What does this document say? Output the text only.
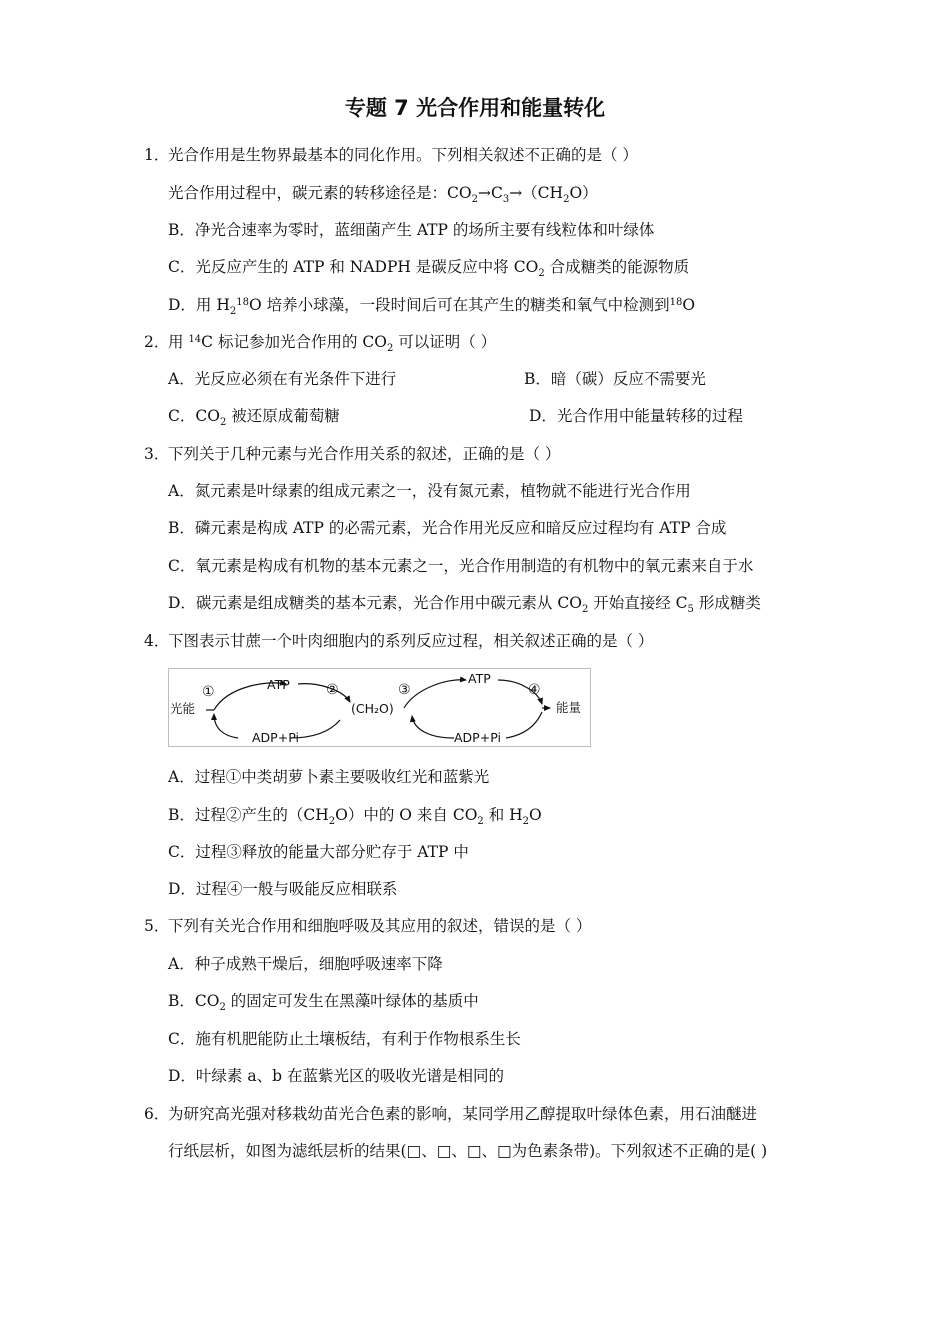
专题 7 光合作用和能量转化
1．光合作用是生物界最基本的同化作用。下列相关叙述不正确的是（ ）
光合作用过程中，碳元素的转移途径是：$CO_2\to C_3\to(CH_2O)$
B．净光合速率为零时，蓝细菌产生 ATP 的场所主要有线粒体和叶绿体
C．光反应产生的 ATP 和 NADPH 是碳反应中将 $CO_2$ 合成糖类的能源物质
D．用 $H_2^{18}O$ 培养小球藻，一段时间后可在其产生的糖类和氧气中检测到$^{18}$O
2．用 $^{14}$C 标记参加光合作用的 $CO_2$ 可以证明（ ）
A．光反应必须在有光条件下进行	B．暗（碳）反应不需要光
C．$CO_2$ 被还原成葡萄糖	D．光合作用中能量转移的过程
3．下列关于几种元素与光合作用关系的叙述，正确的是（ ）
A．氮元素是叶绿素的组成元素之一，没有氮元素，植物就不能进行光合作用
B．磷元素是构成 ATP 的必需元素，光合作用光反应和暗反应过程均有 ATP 合成
C．氧元素是构成有机物的基本元素之一，光合作用制造的有机物中的氧元素来自于水
D．碳元素是组成糖类的基本元素，光合作用中碳元素从 $CO_2$ 开始直接经 $C_5$ 形成糖类
4．下图表示甘蔗一个叶肉细胞内的系列反应过程，相关叙述正确的是（ ）
光能
①	ATP	②
ADP+Pi
(CH₂O)
③
ATP
④
ADP+Pi
能量
A．过程①中类胡萝卜素主要吸收红光和蓝紫光
B．过程②产生的$(CH_2O)$中的 O 来自 $CO_2$ 和 $H_2O$
C．过程③释放的能量大部分贮存于 ATP 中
D．过程④一般与吸能反应相联系
5．下列有关光合作用和细胞呼吸及其应用的叙述，错误的是（ ）
A．种子成熟干燥后，细胞呼吸速率下降
B．$CO_2$ 的固定可发生在黑藻叶绿体的基质中
C．施有机肥能防止土壤板结，有利于作物根系生长
D．叶绿素 a、b 在蓝紫光区的吸收光谱是相同的
6．为研究高光强对移栽幼苗光合色素的影响，某同学用乙醇提取叶绿体色素，用石油醚进
行纸层析，如图为滤纸层析的结果(□、□、□、□为色素条带)。下列叙述不正确的是( )
